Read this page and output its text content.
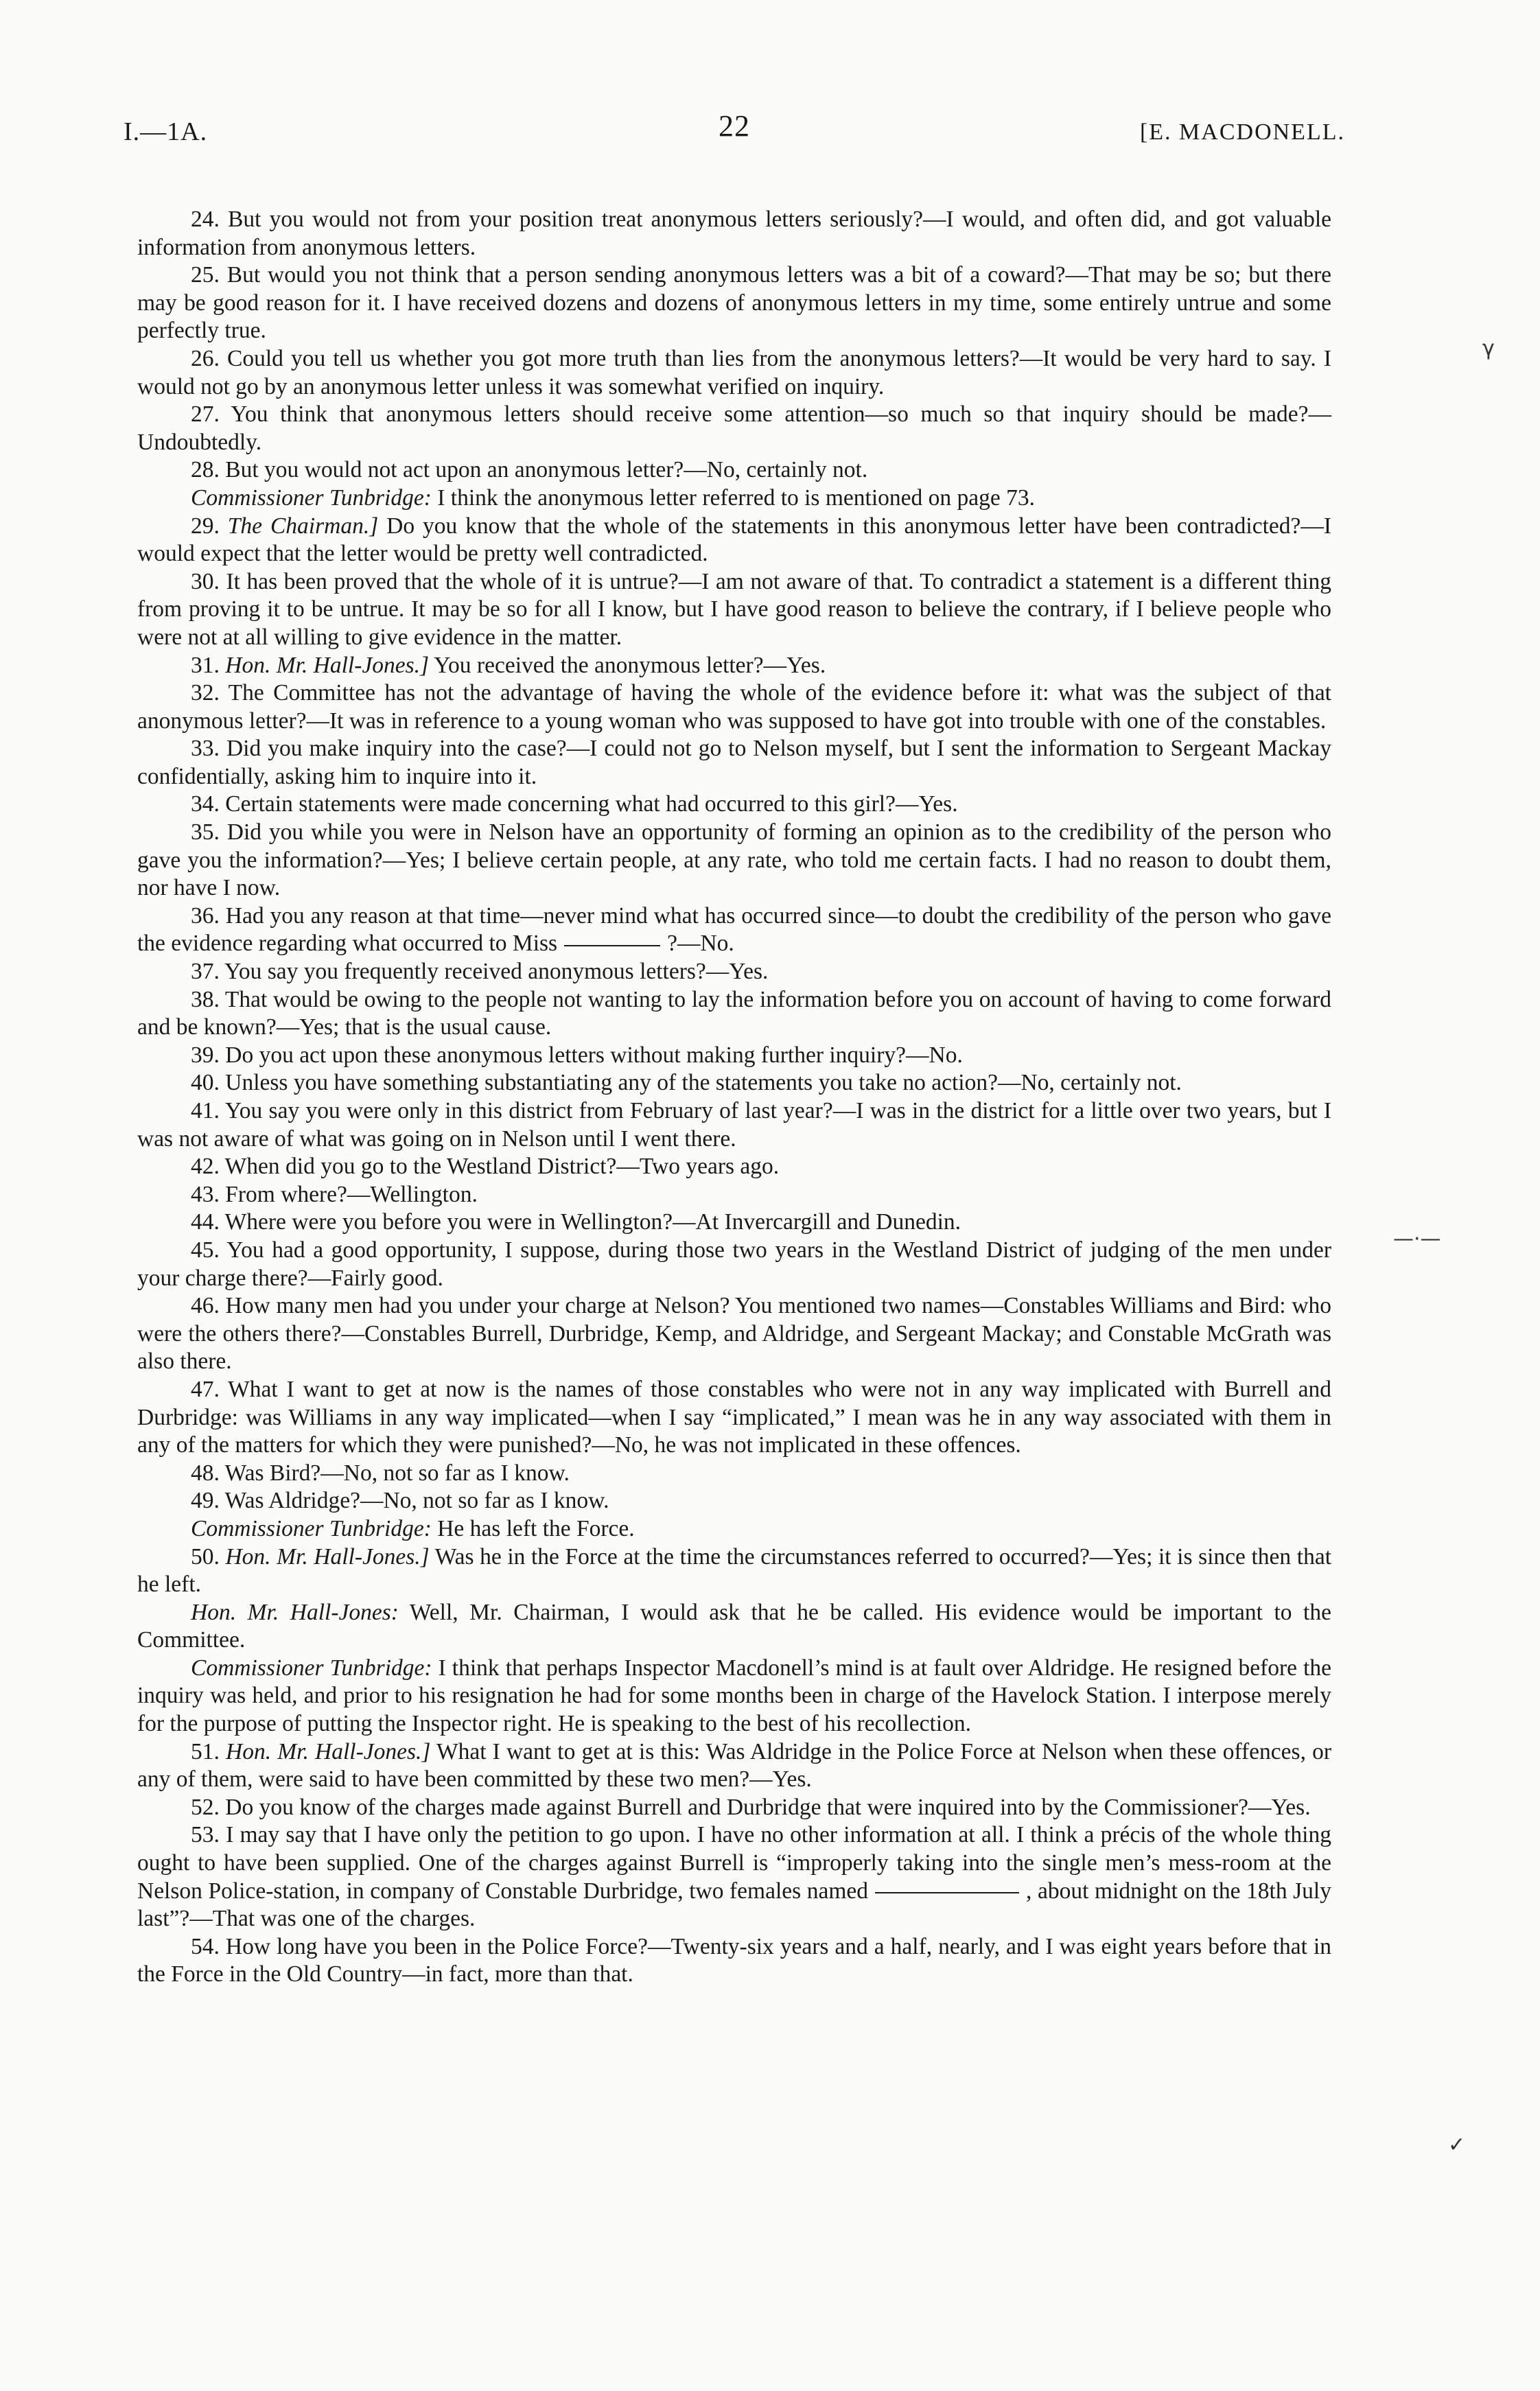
I.—1A.	22	[E. MACDONELL.

24. But you would not from your position treat anonymous letters seriously?—I would, and often did, and got valuable information from anonymous letters.

25. But would you not think that a person sending anonymous letters was a bit of a coward?—That may be so; but there may be good reason for it. I have received dozens and dozens of anonymous letters in my time, some entirely untrue and some perfectly true.

26. Could you tell us whether you got more truth than lies from the anonymous letters?—It would be very hard to say. I would not go by an anonymous letter unless it was somewhat verified on inquiry.

27. You think that anonymous letters should receive some attention—so much so that inquiry should be made?—Undoubtedly.

28. But you would not act upon an anonymous letter?—No, certainly not.

Commissioner Tunbridge: I think the anonymous letter referred to is mentioned on page 73.

29. The Chairman.] Do you know that the whole of the statements in this anonymous letter have been contradicted?—I would expect that the letter would be pretty well contradicted.

30. It has been proved that the whole of it is untrue?—I am not aware of that. To contradict a statement is a different thing from proving it to be untrue. It may be so for all I know, but I have good reason to believe the contrary, if I believe people who were not at all willing to give evidence in the matter.

31. Hon. Mr. Hall-Jones.] You received the anonymous letter?—Yes.

32. The Committee has not the advantage of having the whole of the evidence before it: what was the subject of that anonymous letter?—It was in reference to a young woman who was supposed to have got into trouble with one of the constables.

33. Did you make inquiry into the case?—I could not go to Nelson myself, but I sent the information to Sergeant Mackay confidentially, asking him to inquire into it.

34. Certain statements were made concerning what had occurred to this girl?—Yes.

35. Did you while you were in Nelson have an opportunity of forming an opinion as to the credibility of the person who gave you the information?—Yes; I believe certain people, at any rate, who told me certain facts. I had no reason to doubt them, nor have I now.

36. Had you any reason at that time—never mind what has occurred since—to doubt the credibility of the person who gave the evidence regarding what occurred to Miss	?—No.

37. You say you frequently received anonymous letters?—Yes.

38. That would be owing to the people not wanting to lay the information before you on account of having to come forward and be known?—Yes; that is the usual cause.

39. Do you act upon these anonymous letters without making further inquiry?—No.

40. Unless you have something substantiating any of the statements you take no action?—No, certainly not.

41. You say you were only in this district from February of last year?—I was in the district for a little over two years, but I was not aware of what was going on in Nelson until I went there.

42. When did you go to the Westland District?—Two years ago.

43. From where?—Wellington.

44. Where were you before you were in Wellington?—At Invercargill and Dunedin.

45. You had a good opportunity, I suppose, during those two years in the Westland District of judging of the men under your charge there?—Fairly good.

46. How many men had you under your charge at Nelson? You mentioned two names—Constables Williams and Bird: who were the others there?—Constables Burrell, Durbridge, Kemp, and Aldridge, and Sergeant Mackay; and Constable McGrath was also there.

47. What I want to get at now is the names of those constables who were not in any way implicated with Burrell and Durbridge: was Williams in any way implicated—when I say “implicated,” I mean was he in any way associated with them in any of the matters for which they were punished?—No, he was not implicated in these offences.

48. Was Bird?—No, not so far as I know.

49. Was Aldridge?—No, not so far as I know.

Commissioner Tunbridge: He has left the Force.

50. Hon. Mr. Hall-Jones.] Was he in the Force at the time the circumstances referred to occurred?—Yes; it is since then that he left.

Hon. Mr. Hall-Jones: Well, Mr. Chairman, I would ask that he be called. His evidence would be important to the Committee.

Commissioner Tunbridge: I think that perhaps Inspector Macdonell’s mind is at fault over Aldridge. He resigned before the inquiry was held, and prior to his resignation he had for some months been in charge of the Havelock Station. I interpose merely for the purpose of putting the Inspector right. He is speaking to the best of his recollection.

51. Hon. Mr. Hall-Jones.] What I want to get at is this: Was Aldridge in the Police Force at Nelson when these offences, or any of them, were said to have been committed by these two men?—Yes.

52. Do you know of the charges made against Burrell and Durbridge that were inquired into by the Commissioner?—Yes.

53. I may say that I have only the petition to go upon. I have no other information at all. I think a précis of the whole thing ought to have been supplied. One of the charges against Burrell is “improperly taking into the single men’s mess-room at the Nelson Police-station, in company of Constable Durbridge, two females named	, about midnight on the 18th July last”?—That was one of the charges.

54. How long have you been in the Police Force?—Twenty-six years and a half, nearly, and I was eight years before that in the Force in the Old Country—in fact, more than that.

γ
—·—
✓
